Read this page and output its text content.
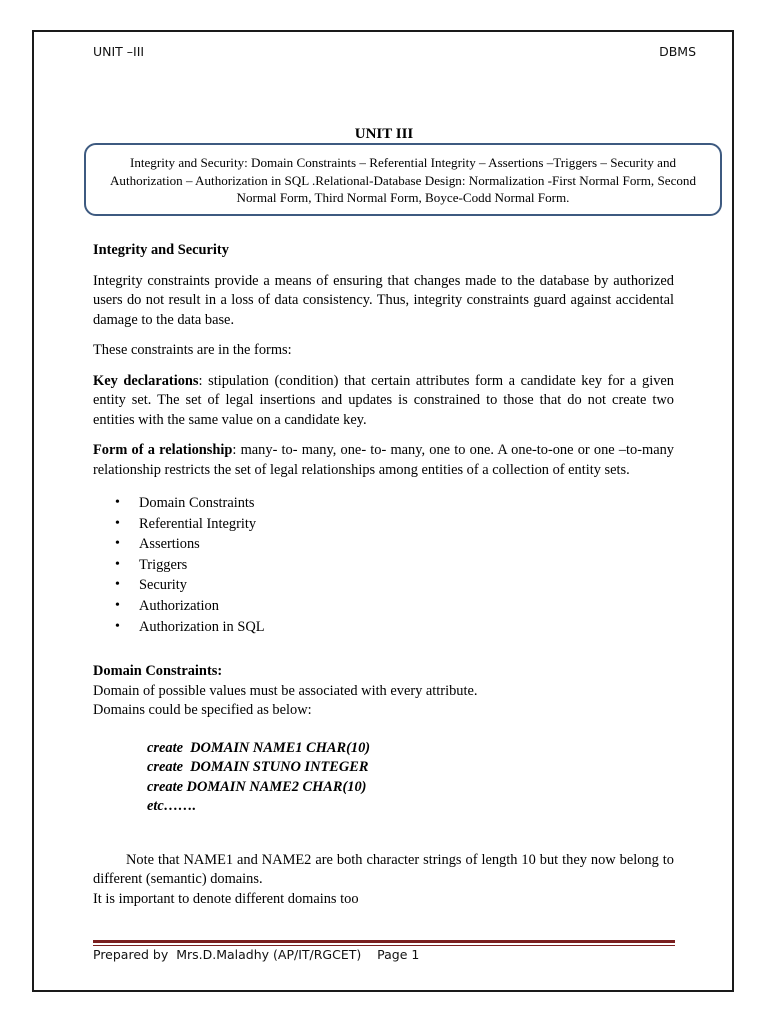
UNIT –III	DBMS
UNIT III
Integrity and Security: Domain Constraints – Referential Integrity – Assertions –Triggers – Security and Authorization – Authorization in SQL .Relational-Database Design: Normalization -First Normal Form, Second Normal Form, Third Normal Form, Boyce-Codd Normal Form.

Integrity and Security

Integrity constraints provide a means of ensuring that changes made to the database by authorized users do not result in a loss of data consistency. Thus, integrity constraints guard against accidental damage to the data base.

These constraints are in the forms:

Key declarations: stipulation (condition) that certain attributes form a candidate key for a given entity set. The set of legal insertions and updates is constrained to those that do not create two entities with the same value on a candidate key.

Form of a relationship: many- to- many, one- to- many, one to one. A one-to-one or one –to-many relationship restricts the set of legal relationships among entities of a collection of entity sets.

• Domain Constraints
• Referential Integrity
• Assertions
• Triggers
• Security
• Authorization
• Authorization in SQL

Domain Constraints:

Domain of possible values must be associated with every attribute.

Domains could be specified as below:

create  DOMAIN NAME1 CHAR(10)
create  DOMAIN STUNO INTEGER
create DOMAIN NAME2 CHAR(10)
etc…….

Note that NAME1 and NAME2 are both character strings of length 10 but they now belong to different (semantic) domains.

It is important to denote different domains too

Prepared by  Mrs.D.Maladhy (AP/IT/RGCET)    Page 1
